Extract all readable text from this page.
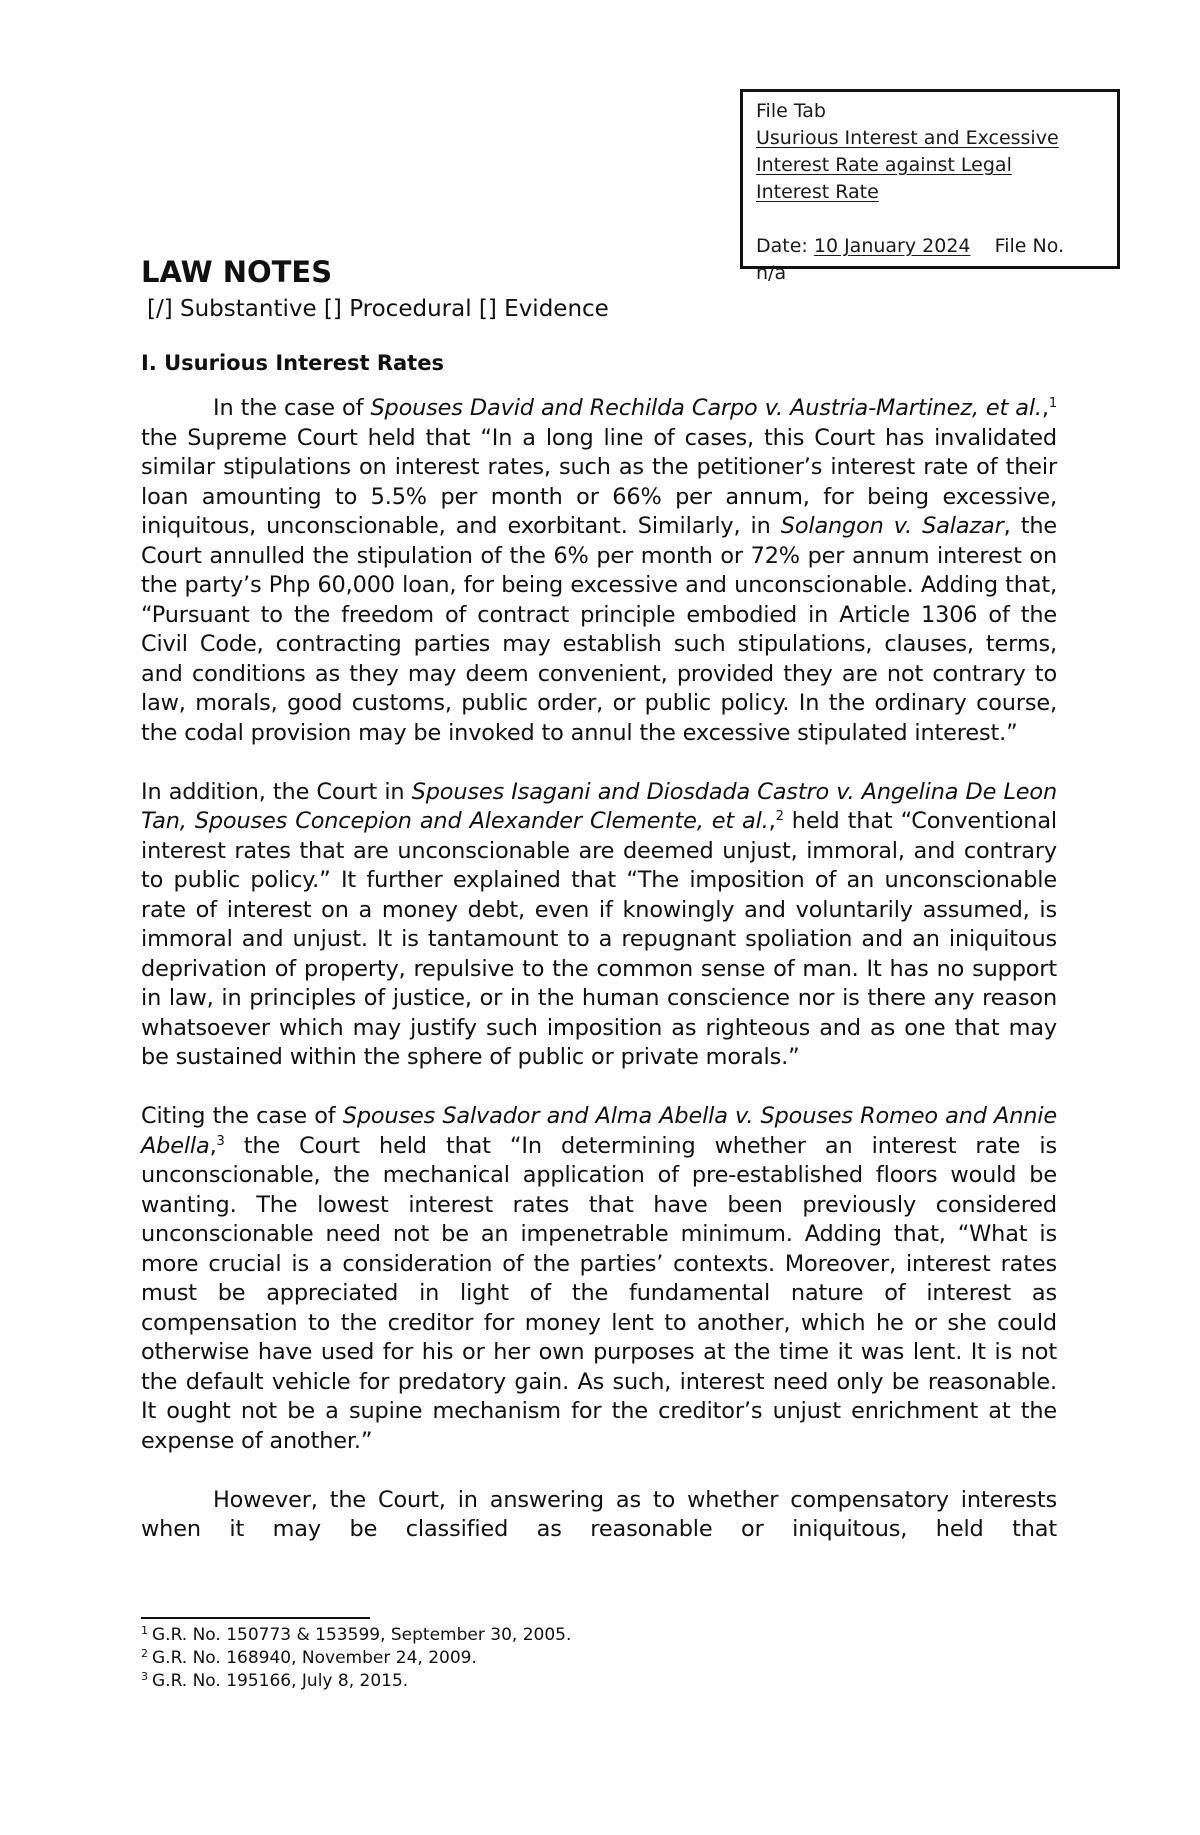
File Tab
Usurious Interest and Excessive
Interest Rate against Legal
Interest Rate
Date: 10 January 2024    File No.
n/a
LAW NOTES
[/] Substantive [] Procedural [] Evidence
I. Usurious Interest Rates

In the case of Spouses David and Rechilda Carpo v. Austria-Martinez, et al.,$^1$ the Supreme Court held that “In a long line of cases, this Court has invalidated similar stipulations on interest rates, such as the petitioner’s interest rate of their loan amounting to 5.5% per month or 66% per annum, for being excessive, iniquitous, unconscionable, and exorbitant. Similarly, in Solangon v. Salazar, the Court annulled the stipulation of the 6% per month or 72% per annum interest on the party’s Php 60,000 loan, for being excessive and unconscionable. Adding that, “Pursuant to the freedom of contract principle embodied in Article 1306 of the Civil Code, contracting parties may establish such stipulations, clauses, terms, and conditions as they may deem convenient, provided they are not contrary to law, morals, good customs, public order, or public policy. In the ordinary course, the codal provision may be invoked to annul the excessive stipulated interest.”

In addition, the Court in Spouses Isagani and Diosdada Castro v. Angelina De Leon Tan, Spouses Concepion and Alexander Clemente, et al.,$^2$ held that “Conventional interest rates that are unconscionable are deemed unjust, immoral, and contrary to public policy.” It further explained that “The imposition of an unconscionable rate of interest on a money debt, even if knowingly and voluntarily assumed, is immoral and unjust. It is tantamount to a repugnant spoliation and an iniquitous deprivation of property, repulsive to the common sense of man. It has no support in law, in principles of justice, or in the human conscience nor is there any reason whatsoever which may justify such imposition as righteous and as one that may be sustained within the sphere of public or private morals.”

Citing the case of Spouses Salvador and Alma Abella v. Spouses Romeo and Annie Abella,$^3$ the Court held that “In determining whether an interest rate is unconscionable, the mechanical application of pre-established floors would be wanting. The lowest interest rates that have been previously considered unconscionable need not be an impenetrable minimum. Adding that, “What is more crucial is a consideration of the parties’ contexts. Moreover, interest rates must be appreciated in light of the fundamental nature of interest as compensation to the creditor for money lent to another, which he or she could otherwise have used for his or her own purposes at the time it was lent. It is not the default vehicle for predatory gain. As such, interest need only be reasonable. It ought not be a supine mechanism for the creditor’s unjust enrichment at the expense of another.”

However, the Court, in answering as to whether compensatory interests when it may be classified as reasonable or iniquitous, held that

$^1$ G.R. No. 150773 & 153599, September 30, 2005.
$^2$ G.R. No. 168940, November 24, 2009.
$^3$ G.R. No. 195166, July 8, 2015.
